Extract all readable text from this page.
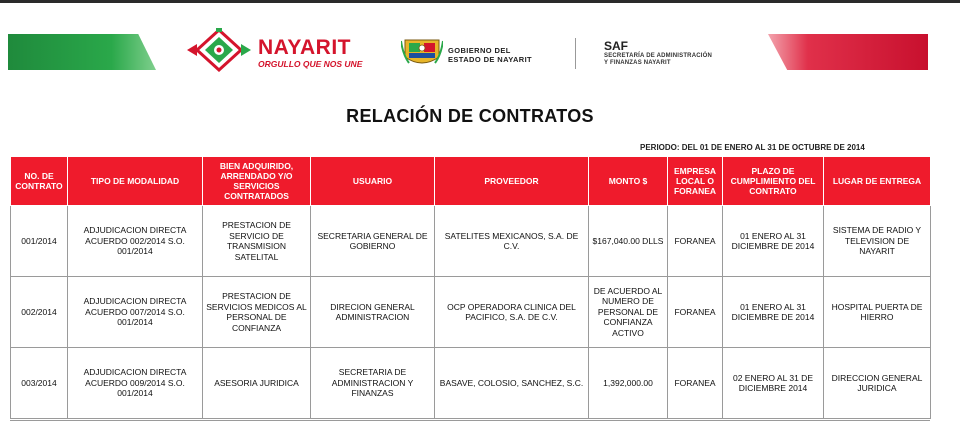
NAYARIT
ORGULLO QUE NOS UNE
GOBIERNO DEL
ESTADO DE NAYARIT
SAF
SECRETARÍA DE ADMINISTRACIÓN
Y FINANZAS NAYARIT
RELACIÓN DE CONTRATOS
PERIODO: DEL 01 DE ENERO AL 31 DE OCTUBRE DE 2014
NO. DE CONTRATO	TIPO DE MODALIDAD	BIEN ADQUIRIDO, ARRENDADO Y/O SERVICIOS CONTRATADOS	USUARIO	PROVEEDOR	MONTO $	EMPRESA LOCAL O FORANEA	PLAZO DE CUMPLIMIENTO DEL CONTRATO	LUGAR DE ENTREGA
001/2014	ADJUDICACION DIRECTA ACUERDO 002/2014 S.O. 001/2014	PRESTACION DE SERVICIO DE TRANSMISION SATELITAL	SECRETARIA GENERAL DE GOBIERNO	SATELITES MEXICANOS, S.A. DE C.V.	$167,040.00 DLLS	FORANEA	01 ENERO AL 31 DICIEMBRE DE 2014	SISTEMA DE RADIO Y TELEVISION DE NAYARIT
002/2014	ADJUDICACION DIRECTA ACUERDO 007/2014 S.O. 001/2014	PRESTACION DE SERVICIOS MEDICOS AL PERSONAL DE CONFIANZA	DIRECION GENERAL ADMINISTRACION	OCP OPERADORA CLINICA DEL PACIFICO, S.A. DE C.V.	DE ACUERDO AL NUMERO DE PERSONAL DE CONFIANZA ACTIVO	FORANEA	01 ENERO AL 31 DICIEMBRE DE 2014	HOSPITAL PUERTA DE HIERRO
003/2014	ADJUDICACION DIRECTA ACUERDO 009/2014 S.O. 001/2014	ASESORIA JURIDICA	SECRETARIA DE ADMINISTRACION Y FINANZAS	BASAVE, COLOSIO, SANCHEZ, S.C.	1,392,000.00	FORANEA	02 ENERO AL 31 DE DICIEMBRE 2014	DIRECCION GENERAL JURIDICA
